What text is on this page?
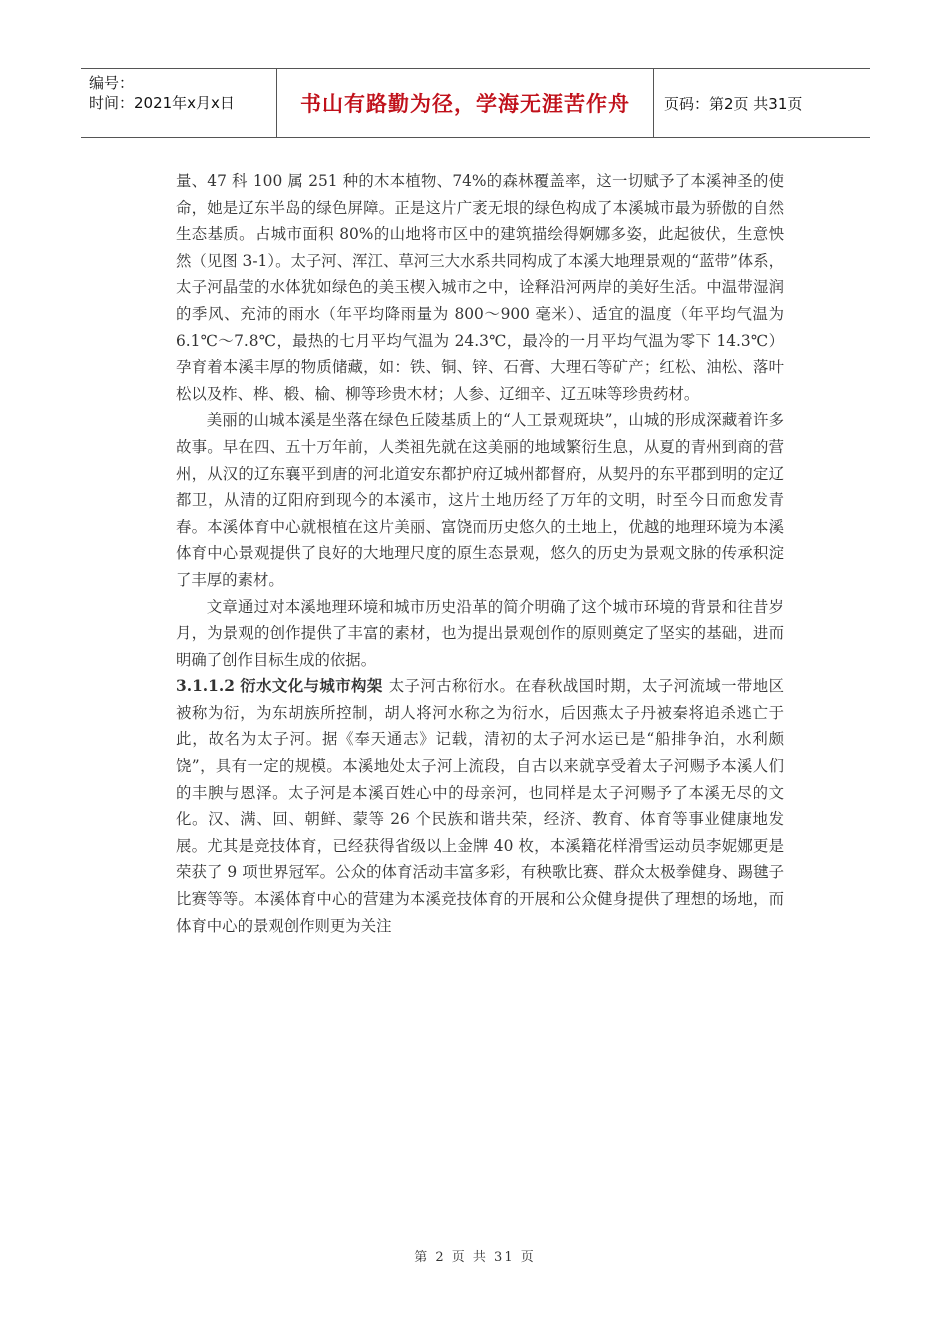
编号：
时间：2021年x月x日	书山有路勤为径，学海无涯苦作舟	页码：第2页 共31页

量、47 科 100 属 251 种的木本植物、74%的森林覆盖率，这一切赋予了本溪神圣的使命，她是辽东半岛的绿色屏障。正是这片广袤无垠的绿色构成了本溪城市最为骄傲的自然生态基质。占城市面积 80%的山地将市区中的建筑描绘得婀娜多姿，此起彼伏，生意怏然（见图 3-1）。太子河、浑江、草河三大水系共同构成了本溪大地理景观的“蓝带”体系，太子河晶莹的水体犹如绿色的美玉楔入城市之中，诠释沿河两岸的美好生活。中温带湿润的季风、充沛的雨水（年平均降雨量为 800～900 毫米）、适宜的温度（年平均气温为 6.1℃～7.8℃，最热的七月平均气温为 24.3℃，最冷的一月平均气温为零下 14.3℃）孕育着本溪丰厚的物质储藏，如：铁、铜、锌、石膏、大理石等矿产；红松、油松、落叶松以及柞、桦、椴、榆、柳等珍贵木材；人参、辽细辛、辽五味等珍贵药材。

美丽的山城本溪是坐落在绿色丘陵基质上的“人工景观斑块”，山城的形成深藏着许多故事。早在四、五十万年前，人类祖先就在这美丽的地域繁衍生息，从夏的青州到商的营州，从汉的辽东襄平到唐的河北道安东都护府辽城州都督府，从契丹的东平郡到明的定辽都卫，从清的辽阳府到现今的本溪市，这片土地历经了万年的文明，时至今日而愈发青春。本溪体育中心就根植在这片美丽、富饶而历史悠久的土地上，优越的地理环境为本溪体育中心景观提供了良好的大地理尺度的原生态景观，悠久的历史为景观文脉的传承积淀了丰厚的素材。

文章通过对本溪地理环境和城市历史沿革的简介明确了这个城市环境的背景和往昔岁月，为景观的创作提供了丰富的素材，也为提出景观创作的原则奠定了坚实的基础，进而明确了创作目标生成的依据。

3.1.1.2 衍水文化与城市构架 太子河古称衍水。在春秋战国时期，太子河流域一带地区被称为衍，为东胡族所控制，胡人将河水称之为衍水，后因燕太子丹被秦将追杀逃亡于此，故名为太子河。据《奉天通志》记载，清初的太子河水运已是“船排争泊，水利颇饶”，具有一定的规模。本溪地处太子河上流段，自古以来就享受着太子河赐予本溪人们的丰腴与恩泽。太子河是本溪百姓心中的母亲河，也同样是太子河赐予了本溪无尽的文化。汉、满、回、朝鲜、蒙等 26 个民族和谐共荣，经济、教育、体育等事业健康地发展。尤其是竞技体育，已经获得省级以上金牌 40 枚，本溪籍花样滑雪运动员李妮娜更是荣获了 9 项世界冠军。公众的体育活动丰富多彩，有秧歌比赛、群众太极拳健身、踢毽子比赛等等。本溪体育中心的营建为本溪竞技体育的开展和公众健身提供了理想的场地，而体育中心的景观创作则更为关注

第 2 页 共 31 页
